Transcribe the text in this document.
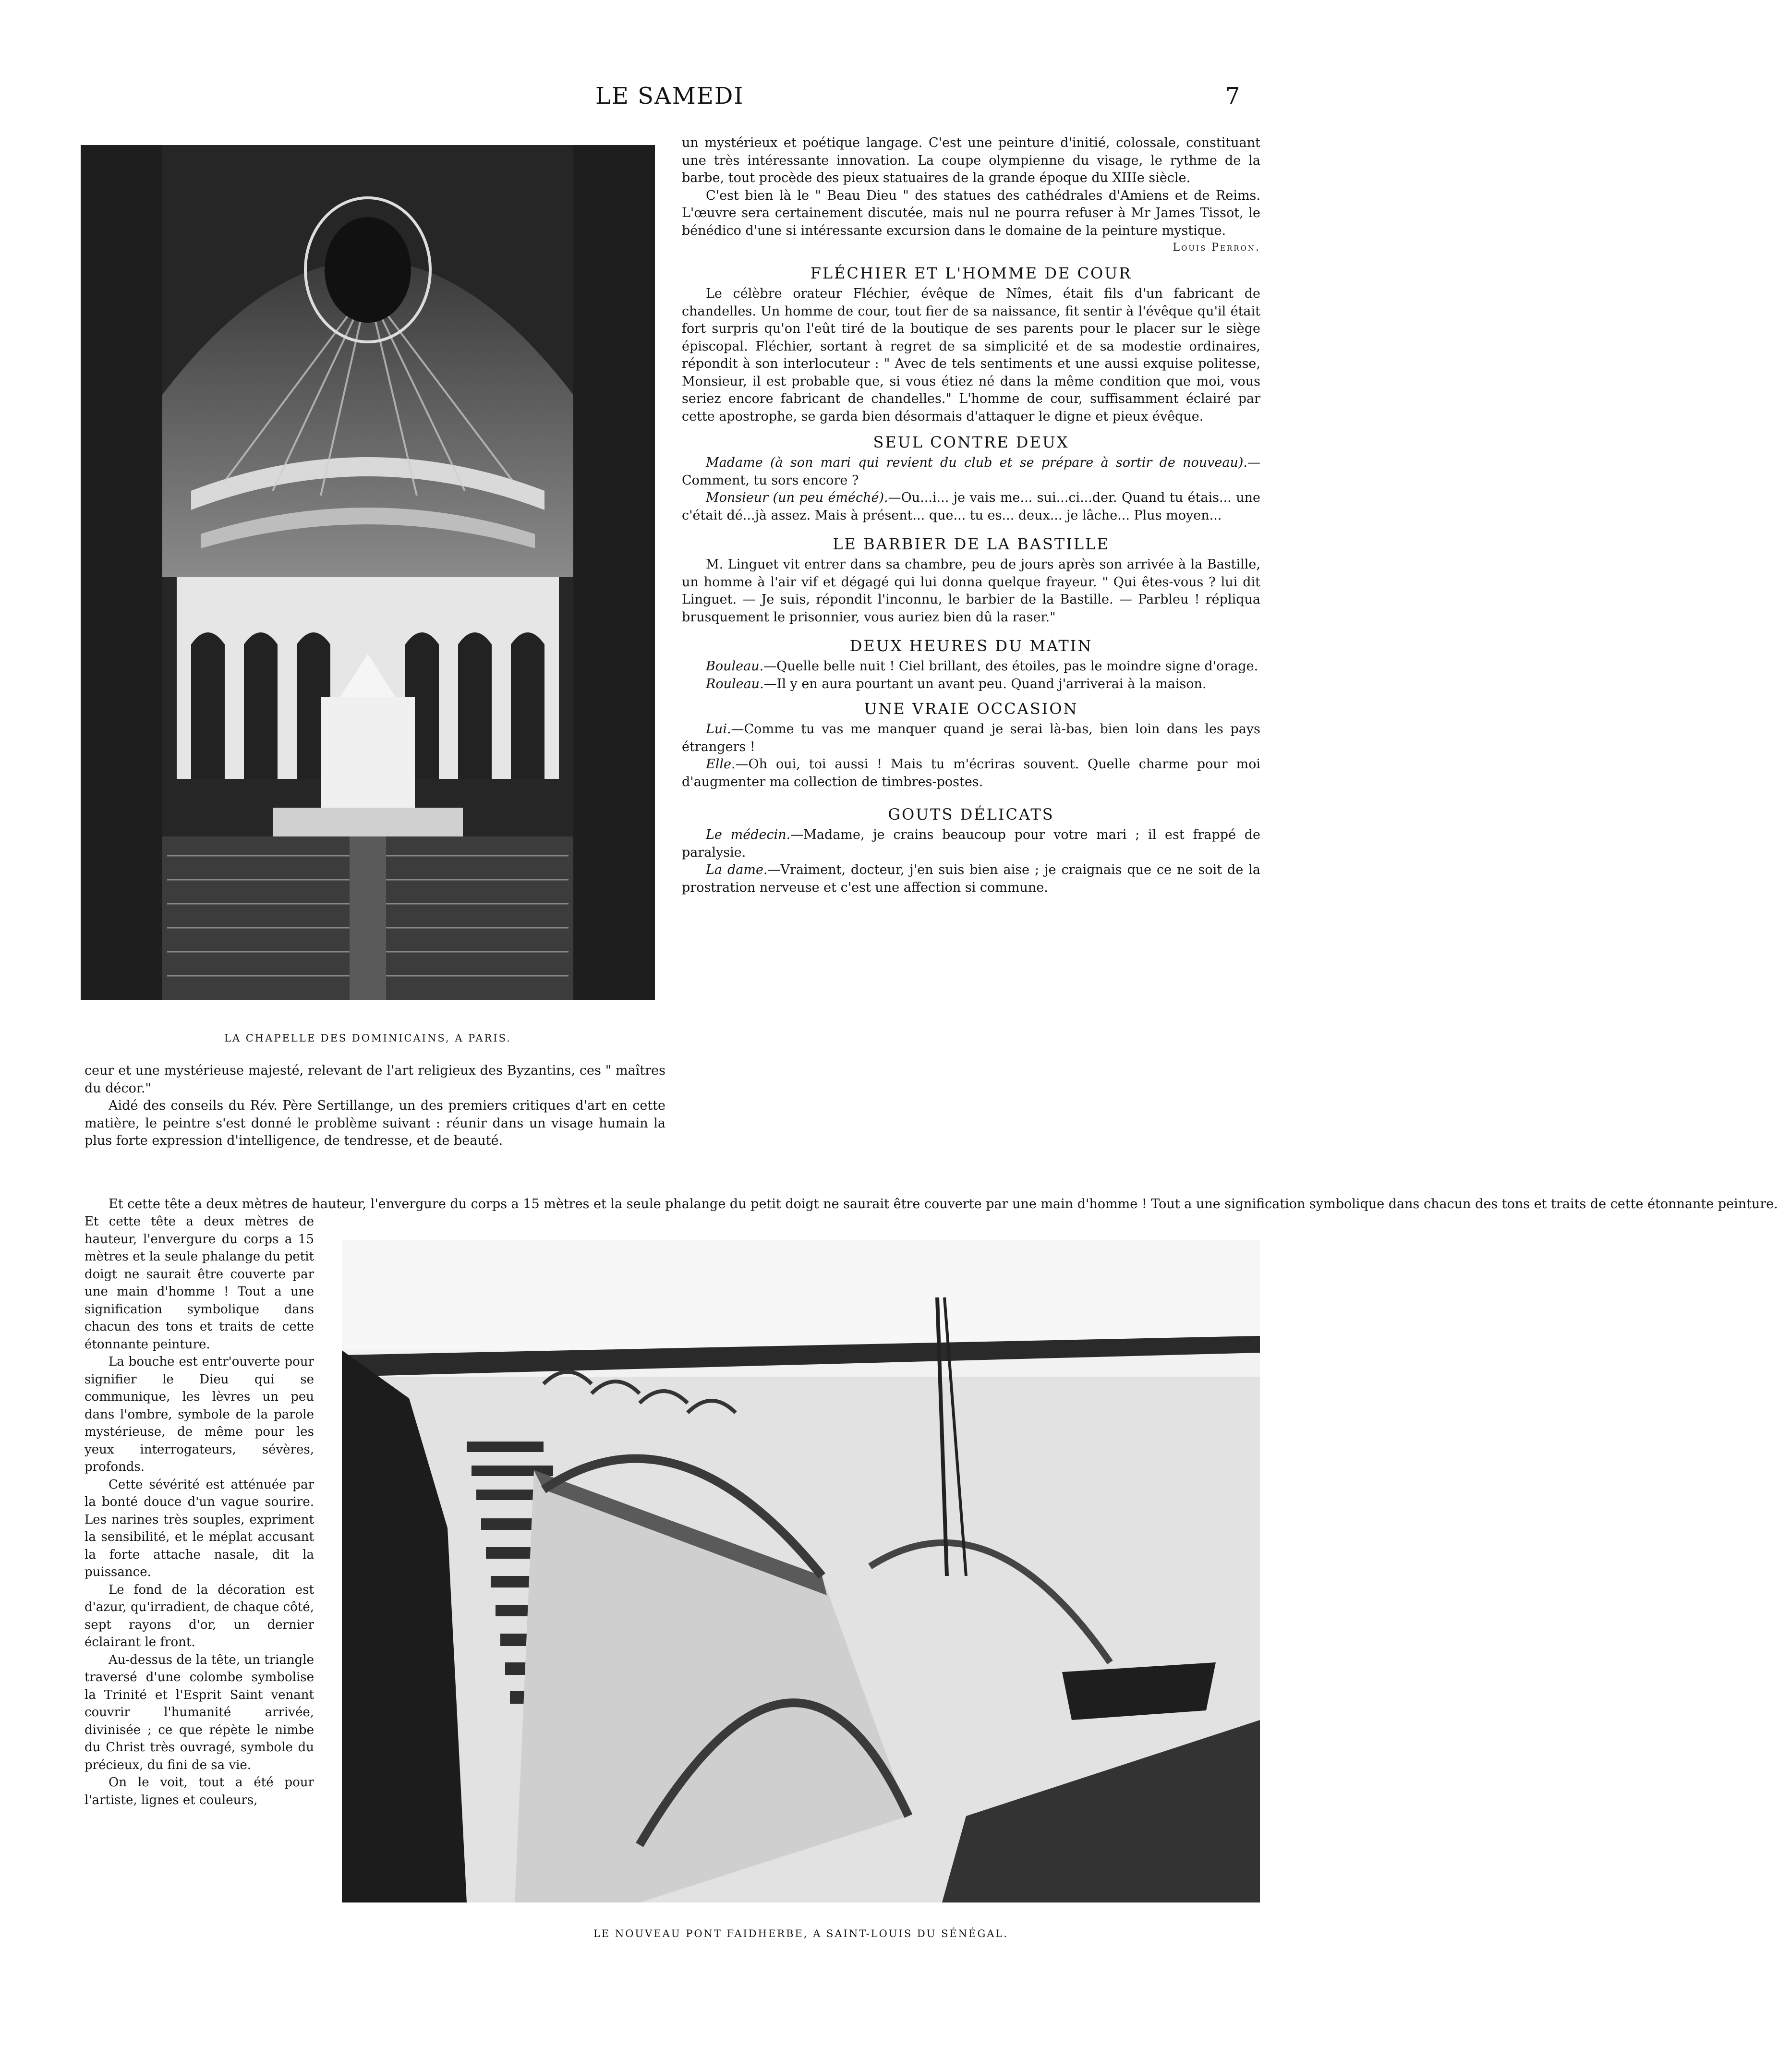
LE SAMEDI	7
LA CHAPELLE DES DOMINICAINS, A PARIS.

ceur et une mystérieuse majesté, relevant de l'art religieux des Byzantins, ces " maîtres du décor."

Aidé des conseils du Rév. Père Sertillange, un des premiers critiques d'art en cette matière, le peintre s'est donné le problème suivant : réunir dans un visage humain la plus forte expression d'intelligence, de tendresse, et de beauté.

Et cette tête a deux mètres de hauteur, l'envergure du corps a 15 mètres et la seule phalange du petit doigt ne saurait être couverte par une main d'homme ! Tout a une signification symbolique dans chacun des tons et traits de cette étonnante peinture.

Et cette tête a deux mètres de hauteur, l'envergure du corps a 15 mètres et la seule phalange du petit doigt ne saurait être couverte par une main d'homme ! Tout a une signification symbolique dans chacun des tons et traits de cette étonnante peinture.

La bouche est entr'ouverte pour signifier le Dieu qui se communique, les lèvres un peu dans l'ombre, symbole de la parole mystérieuse, de même pour les yeux interrogateurs, sévères, profonds.

Cette sévérité est atténuée par la bonté douce d'un vague sourire. Les narines très souples, expriment la sensibilité, et le méplat accusant la forte attache nasale, dit la puissance.

Le fond de la décoration est d'azur, qu'irradient, de chaque côté, sept rayons d'or, un dernier éclairant le front.

Au-dessus de la tête, un triangle traversé d'une colombe symbolise la Trinité et l'Esprit Saint venant couvrir l'humanité arrivée, divinisée ; ce que répète le nimbe du Christ très ouvragé, symbole du précieux, du fini de sa vie.

On le voit, tout a été pour l'artiste, lignes et couleurs,

un mystérieux et poétique langage. C'est une peinture d'initié, colossale, constituant une très intéressante innovation. La coupe olympienne du visage, le rythme de la barbe, tout procède des pieux statuaires de la grande époque du XIIIe siècle.

C'est bien là le " Beau Dieu " des statues des cathédrales d'Amiens et de Reims. L'œuvre sera certainement discutée, mais nul ne pourra refuser à Mr James Tissot, le bénédico d'une si intéressante excursion dans le domaine de la peinture mystique.

Louis Perron.

FLÉCHIER ET L'HOMME DE COUR

Le célèbre orateur Fléchier, évêque de Nîmes, était fils d'un fabricant de chandelles. Un homme de cour, tout fier de sa naissance, fit sentir à l'évêque qu'il était fort surpris qu'on l'eût tiré de la boutique de ses parents pour le placer sur le siège épiscopal. Fléchier, sortant à regret de sa simplicité et de sa modestie ordinaires, répondit à son interlocuteur : " Avec de tels sentiments et une aussi exquise politesse, Monsieur, il est probable que, si vous étiez né dans la même condition que moi, vous seriez encore fabricant de chandelles." L'homme de cour, suffisamment éclairé par cette apostrophe, se garda bien désormais d'attaquer le digne et pieux évêque.

SEUL CONTRE DEUX

Madame (à son mari qui revient du club et se prépare à sortir de nouveau).—Comment, tu sors encore ?

Monsieur (un peu éméché).—Ou...i... je vais me... sui...ci...der. Quand tu étais... une c'était dé...jà assez. Mais à présent... que... tu es... deux... je lâche... Plus moyen...

LE BARBIER DE LA BASTILLE

M. Linguet vit entrer dans sa chambre, peu de jours après son arrivée à la Bastille, un homme à l'air vif et dégagé qui lui donna quelque frayeur. " Qui êtes-vous ? lui dit Linguet. — Je suis, répondit l'inconnu, le barbier de la Bastille. — Parbleu ! répliqua brusquement le prisonnier, vous auriez bien dû la raser."

DEUX HEURES DU MATIN

Bouleau.—Quelle belle nuit ! Ciel brillant, des étoiles, pas le moindre signe d'orage.

Rouleau.—Il y en aura pourtant un avant peu. Quand j'arriverai à la maison.

UNE VRAIE OCCASION

Lui.—Comme tu vas me manquer quand je serai là-bas, bien loin dans les pays étrangers !

Elle.—Oh oui, toi aussi ! Mais tu m'écriras souvent. Quelle charme pour moi d'augmenter ma collection de timbres-postes.

GOUTS DÉLICATS

Le médecin.—Madame, je crains beaucoup pour votre mari ; il est frappé de paralysie.

La dame.—Vraiment, docteur, j'en suis bien aise ; je craignais que ce ne soit de la prostration nerveuse et c'est une affection si commune.

LE NOUVEAU PONT FAIDHERBE, A SAINT-LOUIS DU SÉNÉGAL.
